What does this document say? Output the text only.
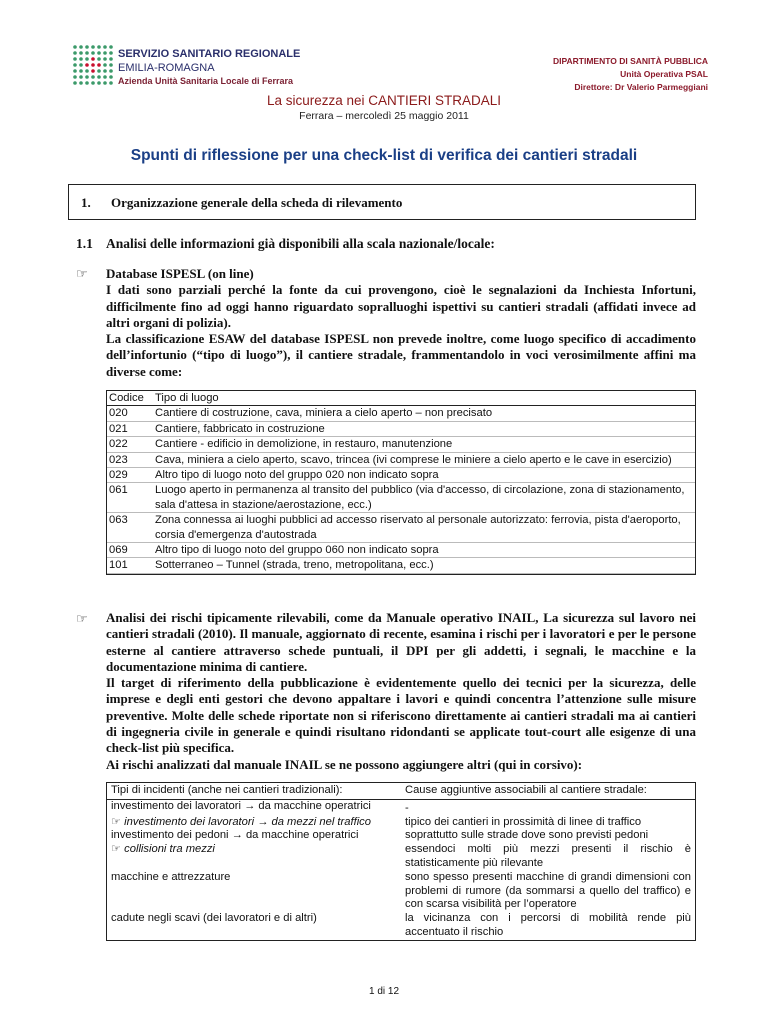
SERVIZIO SANITARIO REGIONALE
EMILIA-ROMAGNA
Azienda Unità Sanitaria Locale di Ferrara
DIPARTIMENTO DI SANITÀ PUBBLICA
Unità Operativa PSAL
Direttore: Dr Valerio Parmeggiani
La sicurezza nei CANTIERI STRADALI
Ferrara – mercoledì 25 maggio 2011
Spunti di riflessione per una check-list di verifica dei cantieri stradali
1. Organizzazione generale della scheda di rilevamento
1.1 Analisi delle informazioni già disponibili alla scala nazionale/locale:
☞ Database ISPESL (on line)
I dati sono parziali perché la fonte da cui provengono, cioè le segnalazioni da Inchiesta Infortuni, difficilmente fino ad oggi hanno riguardato sopralluoghi ispettivi su cantieri stradali (affidati invece ad altri organi di polizia).
La classificazione ESAW del database ISPESL non prevede inoltre, come luogo specifico di accadimento dell’infortunio (“tipo di luogo”), il cantiere stradale, frammentandolo in voci verosimilmente affini ma diverse come:
Codice	Tipo di luogo
020	Cantiere di costruzione, cava, miniera a cielo aperto – non precisato
021	Cantiere, fabbricato in costruzione
022	Cantiere - edificio in demolizione, in restauro, manutenzione
023	Cava, miniera a cielo aperto, scavo, trincea (ivi comprese le miniere a cielo aperto e le cave in esercizio)
029	Altro tipo di luogo noto del gruppo 020 non indicato sopra
061	Luogo aperto in permanenza al transito del pubblico (via d'accesso, di circolazione, zona di stazionamento, sala d'attesa in stazione/aerostazione, ecc.)
063	Zona connessa ai luoghi pubblici ad accesso riservato al personale autorizzato: ferrovia, pista d'aeroporto, corsia d'emergenza d'autostrada
069	Altro tipo di luogo noto del gruppo 060 non indicato sopra
101	Sotterraneo – Tunnel (strada, treno, metropolitana, ecc.)
☞ Analisi dei rischi tipicamente rilevabili, come da Manuale operativo INAIL, La sicurezza sul lavoro nei cantieri stradali (2010). Il manuale, aggiornato di recente, esamina i rischi per i lavoratori e per le persone esterne al cantiere attraverso schede puntuali, il DPI per gli addetti, i segnali, le macchine e la documentazione minima di cantiere.
Il target di riferimento della pubblicazione è evidentemente quello dei tecnici per la sicurezza, delle imprese e degli enti gestori che devono appaltare i lavori e quindi concentra l’attenzione sulle misure preventive. Molte delle schede riportate non si riferiscono direttamente ai cantieri stradali ma ai cantieri di ingegneria civile in generale e quindi risultano ridondanti se applicate tout-court alle esigenze di una check-list più specifica.
Ai rischi analizzati dal manuale INAIL se ne possono aggiungere altri (qui in corsivo):
Tipi di incidenti (anche nei cantieri tradizionali):	Cause aggiuntive associabili al cantiere stradale:
investimento dei lavoratori → da macchine operatrici	-
☞ investimento dei lavoratori → da mezzi nel traffico	tipico dei cantieri in prossimità di linee di traffico
investimento dei pedoni → da macchine operatrici	soprattutto sulle strade dove sono previsti pedoni
☞ collisioni tra mezzi	essendoci molti più mezzi presenti il rischio è statisticamente più rilevante
macchine e attrezzature	sono spesso presenti macchine di grandi dimensioni con problemi di rumore (da sommarsi a quello del traffico) e con scarsa visibilità per l’operatore
cadute negli scavi (dei lavoratori e di altri)	la vicinanza con i percorsi di mobilità rende più accentuato il rischio
1 di 12
